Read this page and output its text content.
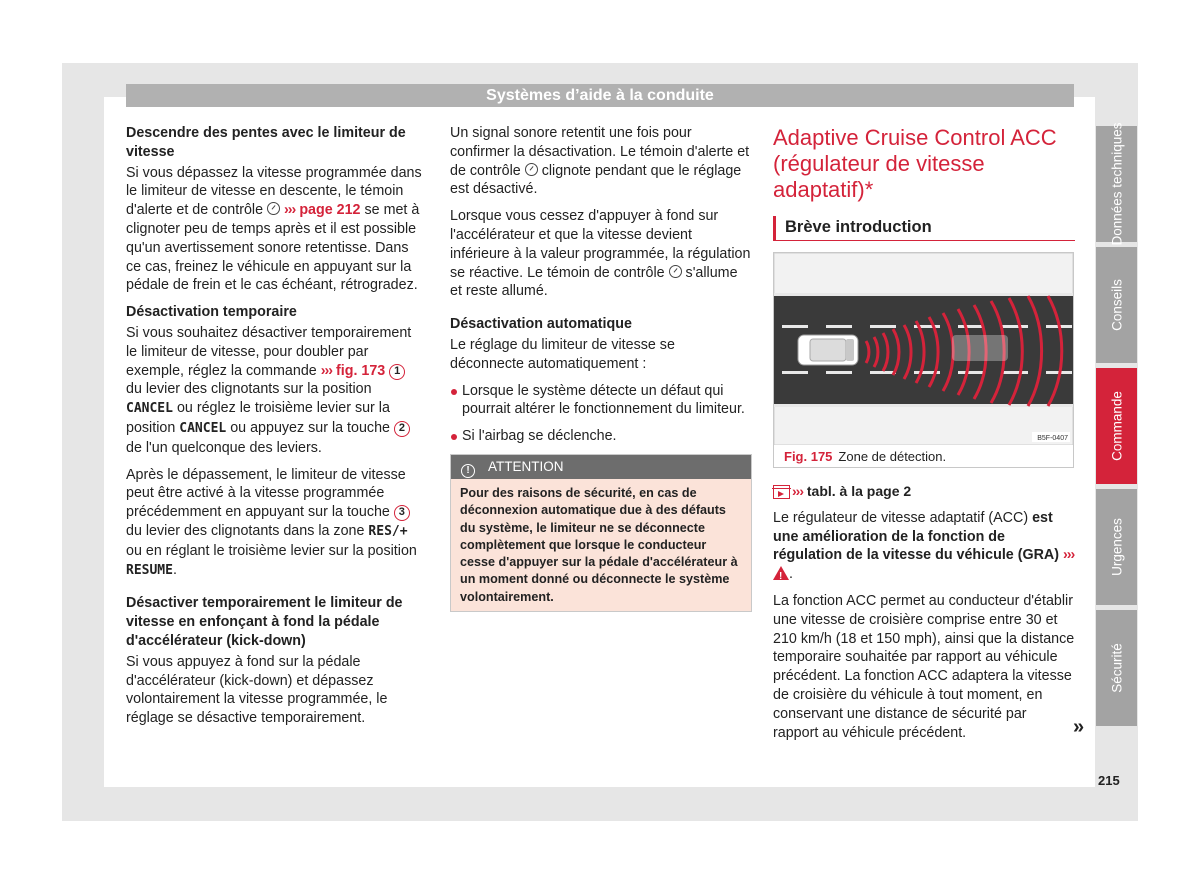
Systèmes d’aide à la conduite
Descendre des pentes avec le limiteur de vitesse

Si vous dépassez la vitesse programmée dans le limiteur de vitesse en descente, le témoin d'alerte et de contrôle ››› page 212 se met à clignoter peu de temps après et il est possible qu'un avertissement sonore retentisse. Dans ce cas, freinez le véhicule en appuyant sur la pédale de frein et le cas échéant, rétrogradez.

Désactivation temporaire

Si vous souhaitez désactiver temporairement le limiteur de vitesse, pour doubler par exemple, réglez la commande ››› fig. 173 1 du levier des clignotants sur la position CANCEL ou réglez le troisième levier sur la position CANCEL ou appuyez sur la touche 2 de l'un quelconque des leviers.

Après le dépassement, le limiteur de vitesse peut être activé à la vitesse programmée précédemment en appuyant sur la touche 3 du levier des clignotants dans la zone RES/+ ou en réglant le troisième levier sur la position RESUME.

Désactiver temporairement le limiteur de vitesse en enfonçant à fond la pédale d'accélérateur (kick-down)

Si vous appuyez à fond sur la pédale d'accélérateur (kick-down) et dépassez volontairement la vitesse programmée, le réglage se désactive temporairement.

Un signal sonore retentit une fois pour confirmer la désactivation. Le témoin d'alerte et de contrôle clignote pendant que le réglage est désactivé.

Lorsque vous cessez d'appuyer à fond sur l'accélérateur et que la vitesse devient inférieure à la valeur programmée, la régulation se réactive. Le témoin de contrôle s'allume et reste allumé.

Désactivation automatique

Le réglage du limiteur de vitesse se déconnecte automatiquement :

Lorsque le système détecte un défaut qui pourrait altérer le fonctionnement du limiteur.

Si l'airbag se déclenche.

! ATTENTION
Pour des raisons de sécurité, en cas de déconnexion automatique due à des défauts du système, le limiteur ne se déconnecte complètement que lorsque le conducteur cesse d'appuyer sur la pédale d'accélérateur à un moment donné ou déconnecte le système volontairement.
Adaptive Cruise Control ACC (régulateur de vitesse adaptatif)*
Brève introduction
B5F-0407
Fig. 175 Zone de détection.

››› tabl. à la page 2

Le régulateur de vitesse adaptatif (ACC) est une amélioration de la fonction de régulation de la vitesse du véhicule (GRA) ››› !.

La fonction ACC permet au conducteur d'établir une vitesse de croisière comprise entre 30 et 210 km/h (18 et 150 mph), ainsi que la distance temporaire souhaitée par rapport au véhicule précédent. La fonction ACC adaptera la vitesse de croisière du véhicule à tout moment, en conservant une distance de sécurité par rapport au véhicule précédent.	»
Données techniques
Conseils
Commande
Urgences
Sécurité
215
